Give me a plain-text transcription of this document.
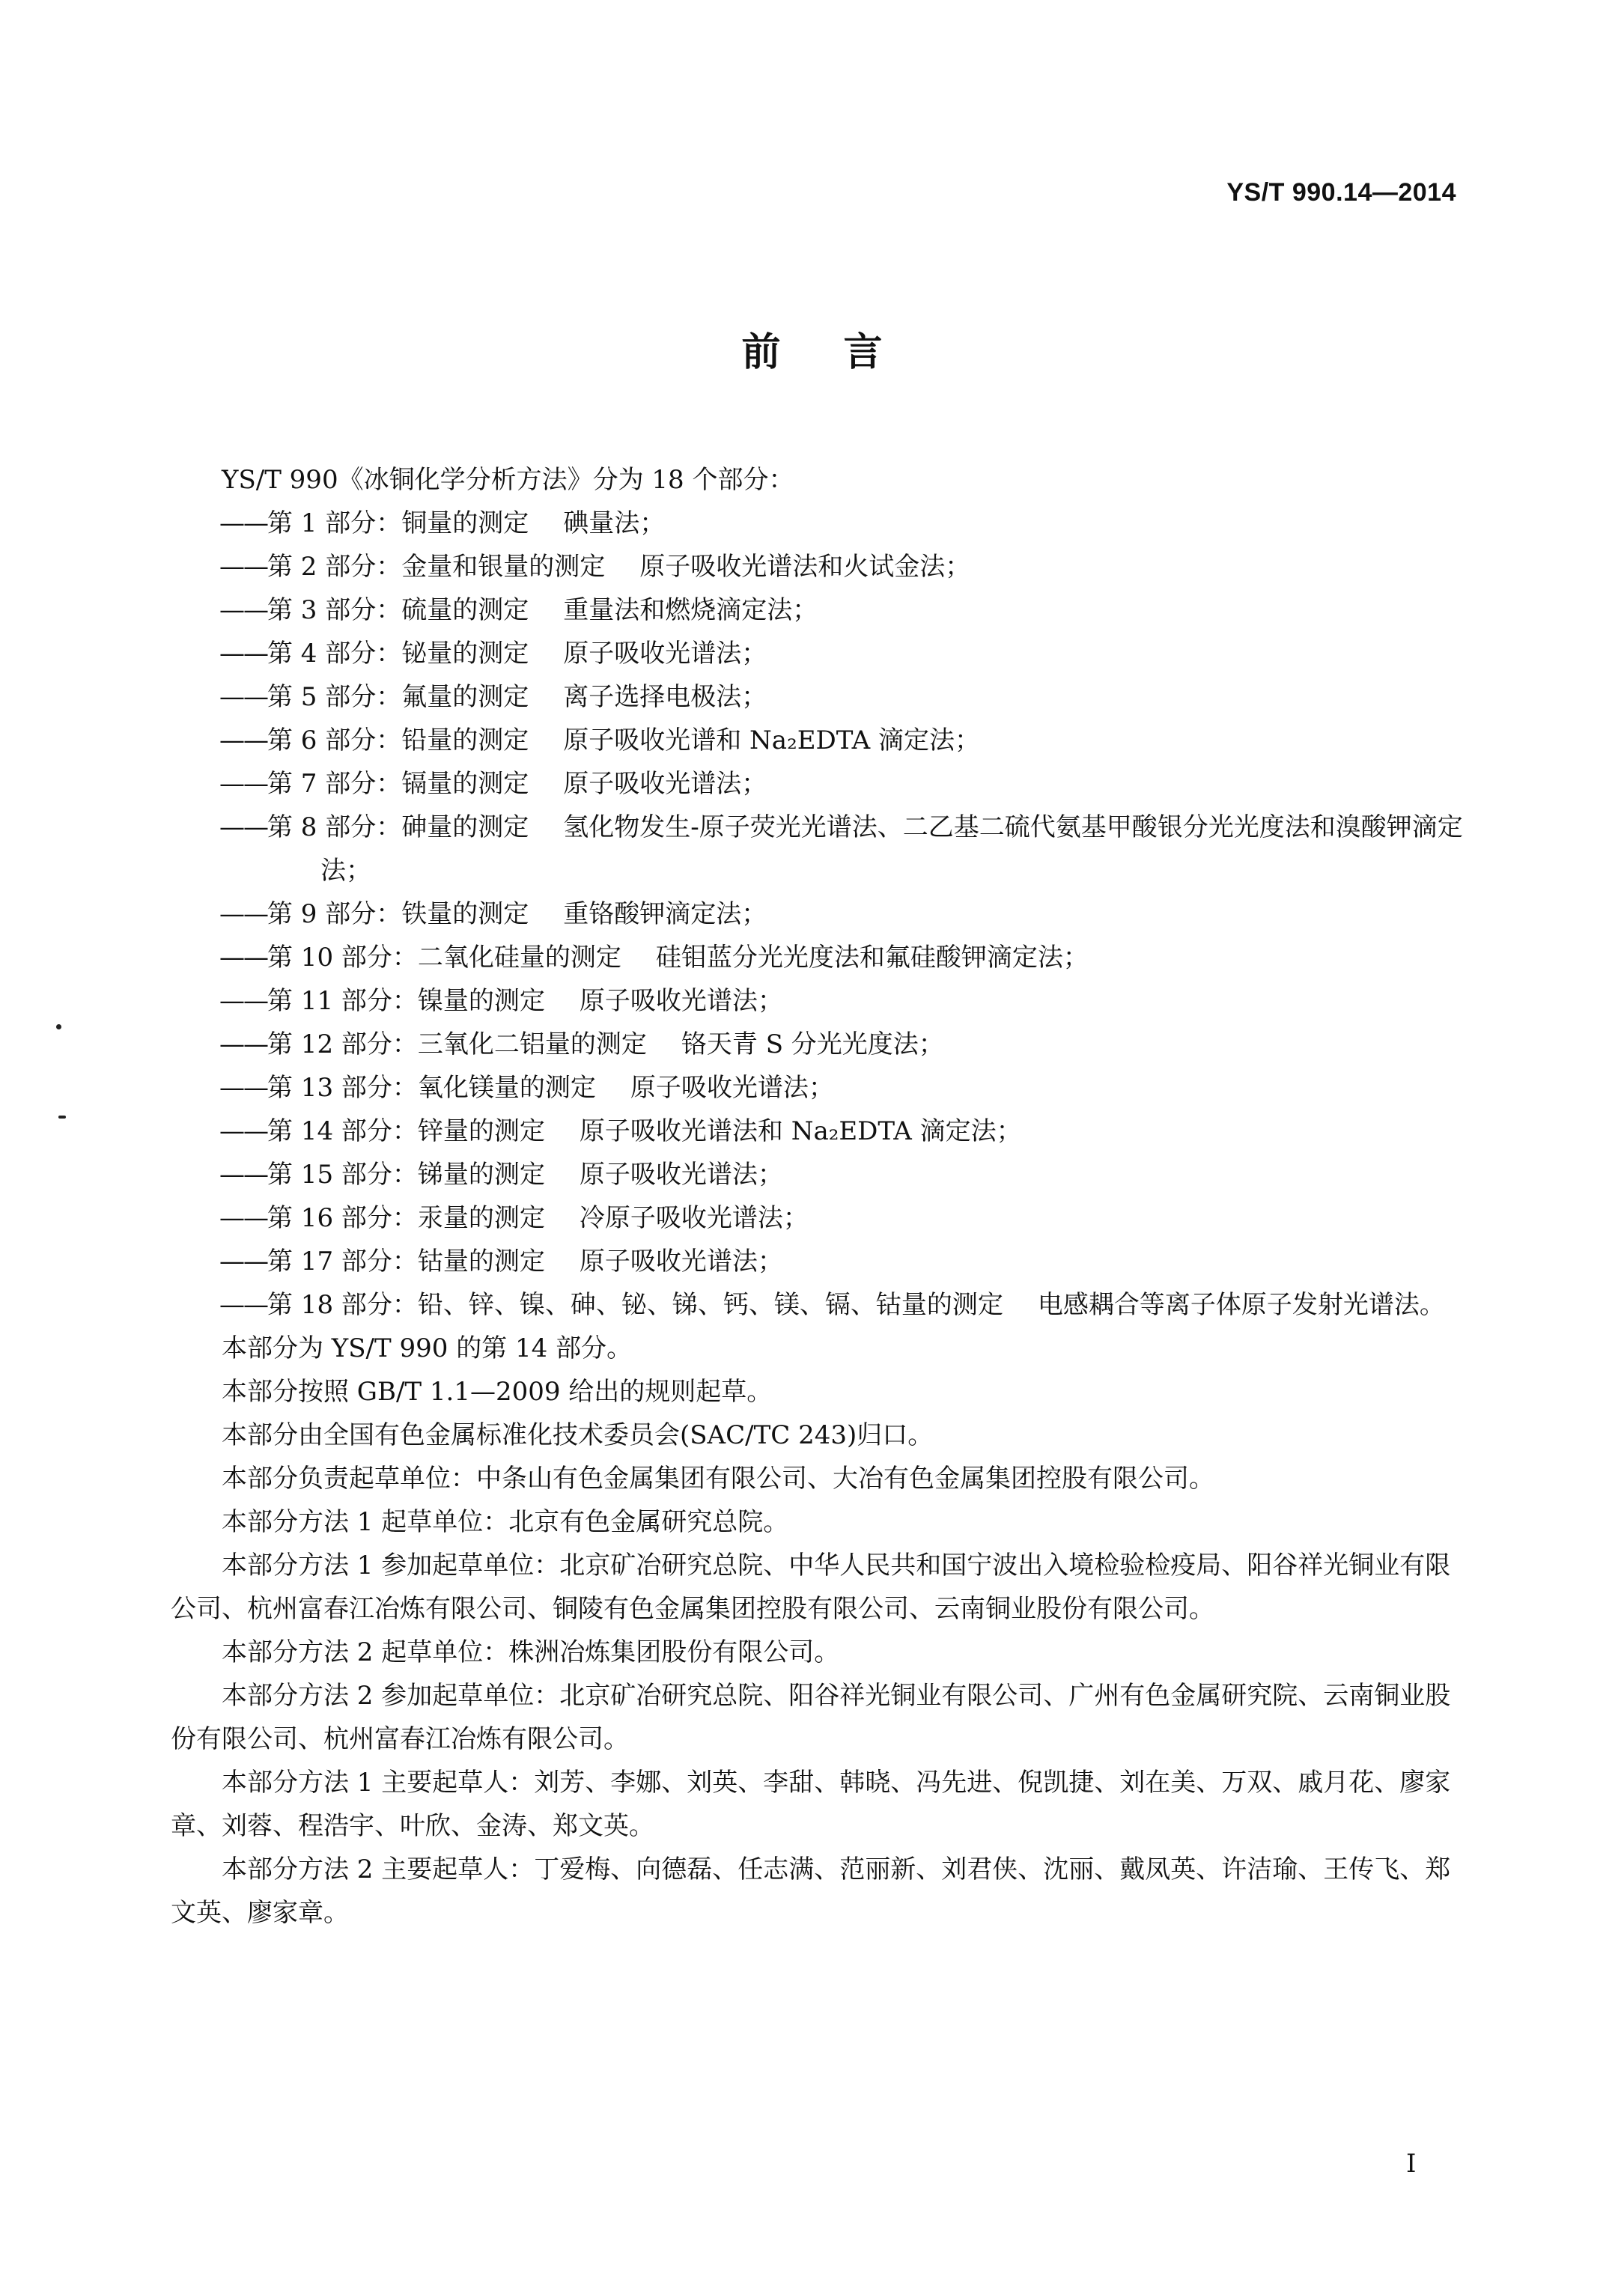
YS/T 990.14—2014
前言

YS/T 990《冰铜化学分析方法》分为 18 个部分：

——第 1 部分：铜量的测定 碘量法；

——第 2 部分：金量和银量的测定 原子吸收光谱法和火试金法；

——第 3 部分：硫量的测定 重量法和燃烧滴定法；

——第 4 部分：铋量的测定 原子吸收光谱法；

——第 5 部分：氟量的测定 离子选择电极法；

——第 6 部分：铅量的测定 原子吸收光谱和 Na₂EDTA 滴定法；

——第 7 部分：镉量的测定 原子吸收光谱法；

——第 8 部分：砷量的测定 氢化物发生-原子荧光光谱法、二乙基二硫代氨基甲酸银分光光度法和溴酸钾滴定法；

——第 9 部分：铁量的测定 重铬酸钾滴定法；

——第 10 部分：二氧化硅量的测定 硅钼蓝分光光度法和氟硅酸钾滴定法；

——第 11 部分：镍量的测定 原子吸收光谱法；

——第 12 部分：三氧化二铝量的测定 铬天青 S 分光光度法；

——第 13 部分：氧化镁量的测定 原子吸收光谱法；

——第 14 部分：锌量的测定 原子吸收光谱法和 Na₂EDTA 滴定法；

——第 15 部分：锑量的测定 原子吸收光谱法；

——第 16 部分：汞量的测定 冷原子吸收光谱法；

——第 17 部分：钴量的测定 原子吸收光谱法；

——第 18 部分：铅、锌、镍、砷、铋、锑、钙、镁、镉、钴量的测定 电感耦合等离子体原子发射光谱法。

本部分为 YS/T 990 的第 14 部分。

本部分按照 GB/T 1.1—2009 给出的规则起草。

本部分由全国有色金属标准化技术委员会(SAC/TC 243)归口。

本部分负责起草单位：中条山有色金属集团有限公司、大冶有色金属集团控股有限公司。

本部分方法 1 起草单位：北京有色金属研究总院。

本部分方法 1 参加起草单位：北京矿冶研究总院、中华人民共和国宁波出入境检验检疫局、阳谷祥光铜业有限公司、杭州富春江冶炼有限公司、铜陵有色金属集团控股有限公司、云南铜业股份有限公司。

本部分方法 2 起草单位：株洲冶炼集团股份有限公司。

本部分方法 2 参加起草单位：北京矿冶研究总院、阳谷祥光铜业有限公司、广州有色金属研究院、云南铜业股份有限公司、杭州富春江冶炼有限公司。

本部分方法 1 主要起草人：刘芳、李娜、刘英、李甜、韩晓、冯先进、倪凯捷、刘在美、万双、戚月花、廖家章、刘蓉、程浩宇、叶欣、金涛、郑文英。

本部分方法 2 主要起草人：丁爱梅、向德磊、任志满、范丽新、刘君侠、沈丽、戴凤英、许洁瑜、王传飞、郑文英、廖家章。

I
